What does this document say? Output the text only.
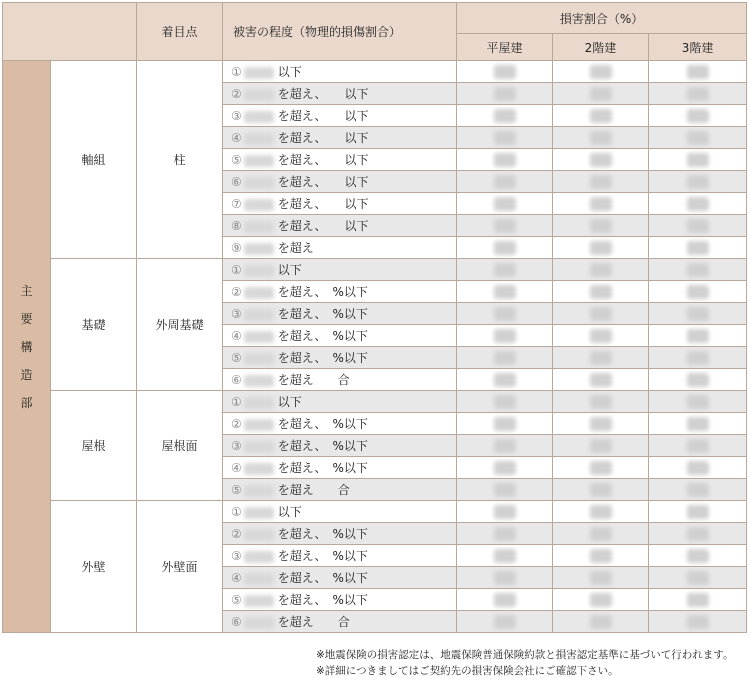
		着目点	被害の程度（物理的損傷割合）	損害割合（%）		
				平屋建	2階建	3階建

主
要
構
造
部	軸組	柱	① 以下			
			② を超え、　　以下			
			③ を超え、　　以下			
			④ を超え、　　以下			
			⑤ を超え、　　以下			
			⑥ を超え、　　以下			
			⑦ を超え、　　以下			
			⑧ を超え、　　以下			
			⑨ を超え			
	基礎	外周基礎	① 以下			
			② を超え、　%以下			
			③ を超え、　%以下			
			④ を超え、　%以下			
			⑤ を超え、　%以下			
			⑥ を超え　　合			
	屋根	屋根面	① 以下			
			② を超え、　%以下			
			③ を超え、　%以下			
			④ を超え、　%以下			
			⑤ を超え　　合			
	外壁	外壁面	① 以下			
			② を超え、　%以下			
			③ を超え、　%以下			
			④ を超え、　%以下			
			⑤ を超え、　%以下			
			⑥ を超え　　合			
※地震保険の損害認定は、地震保険普通保険約款と損害認定基準に基づいて行われます。
※詳細につきましてはご契約先の損害保険会社にご確認下さい。
